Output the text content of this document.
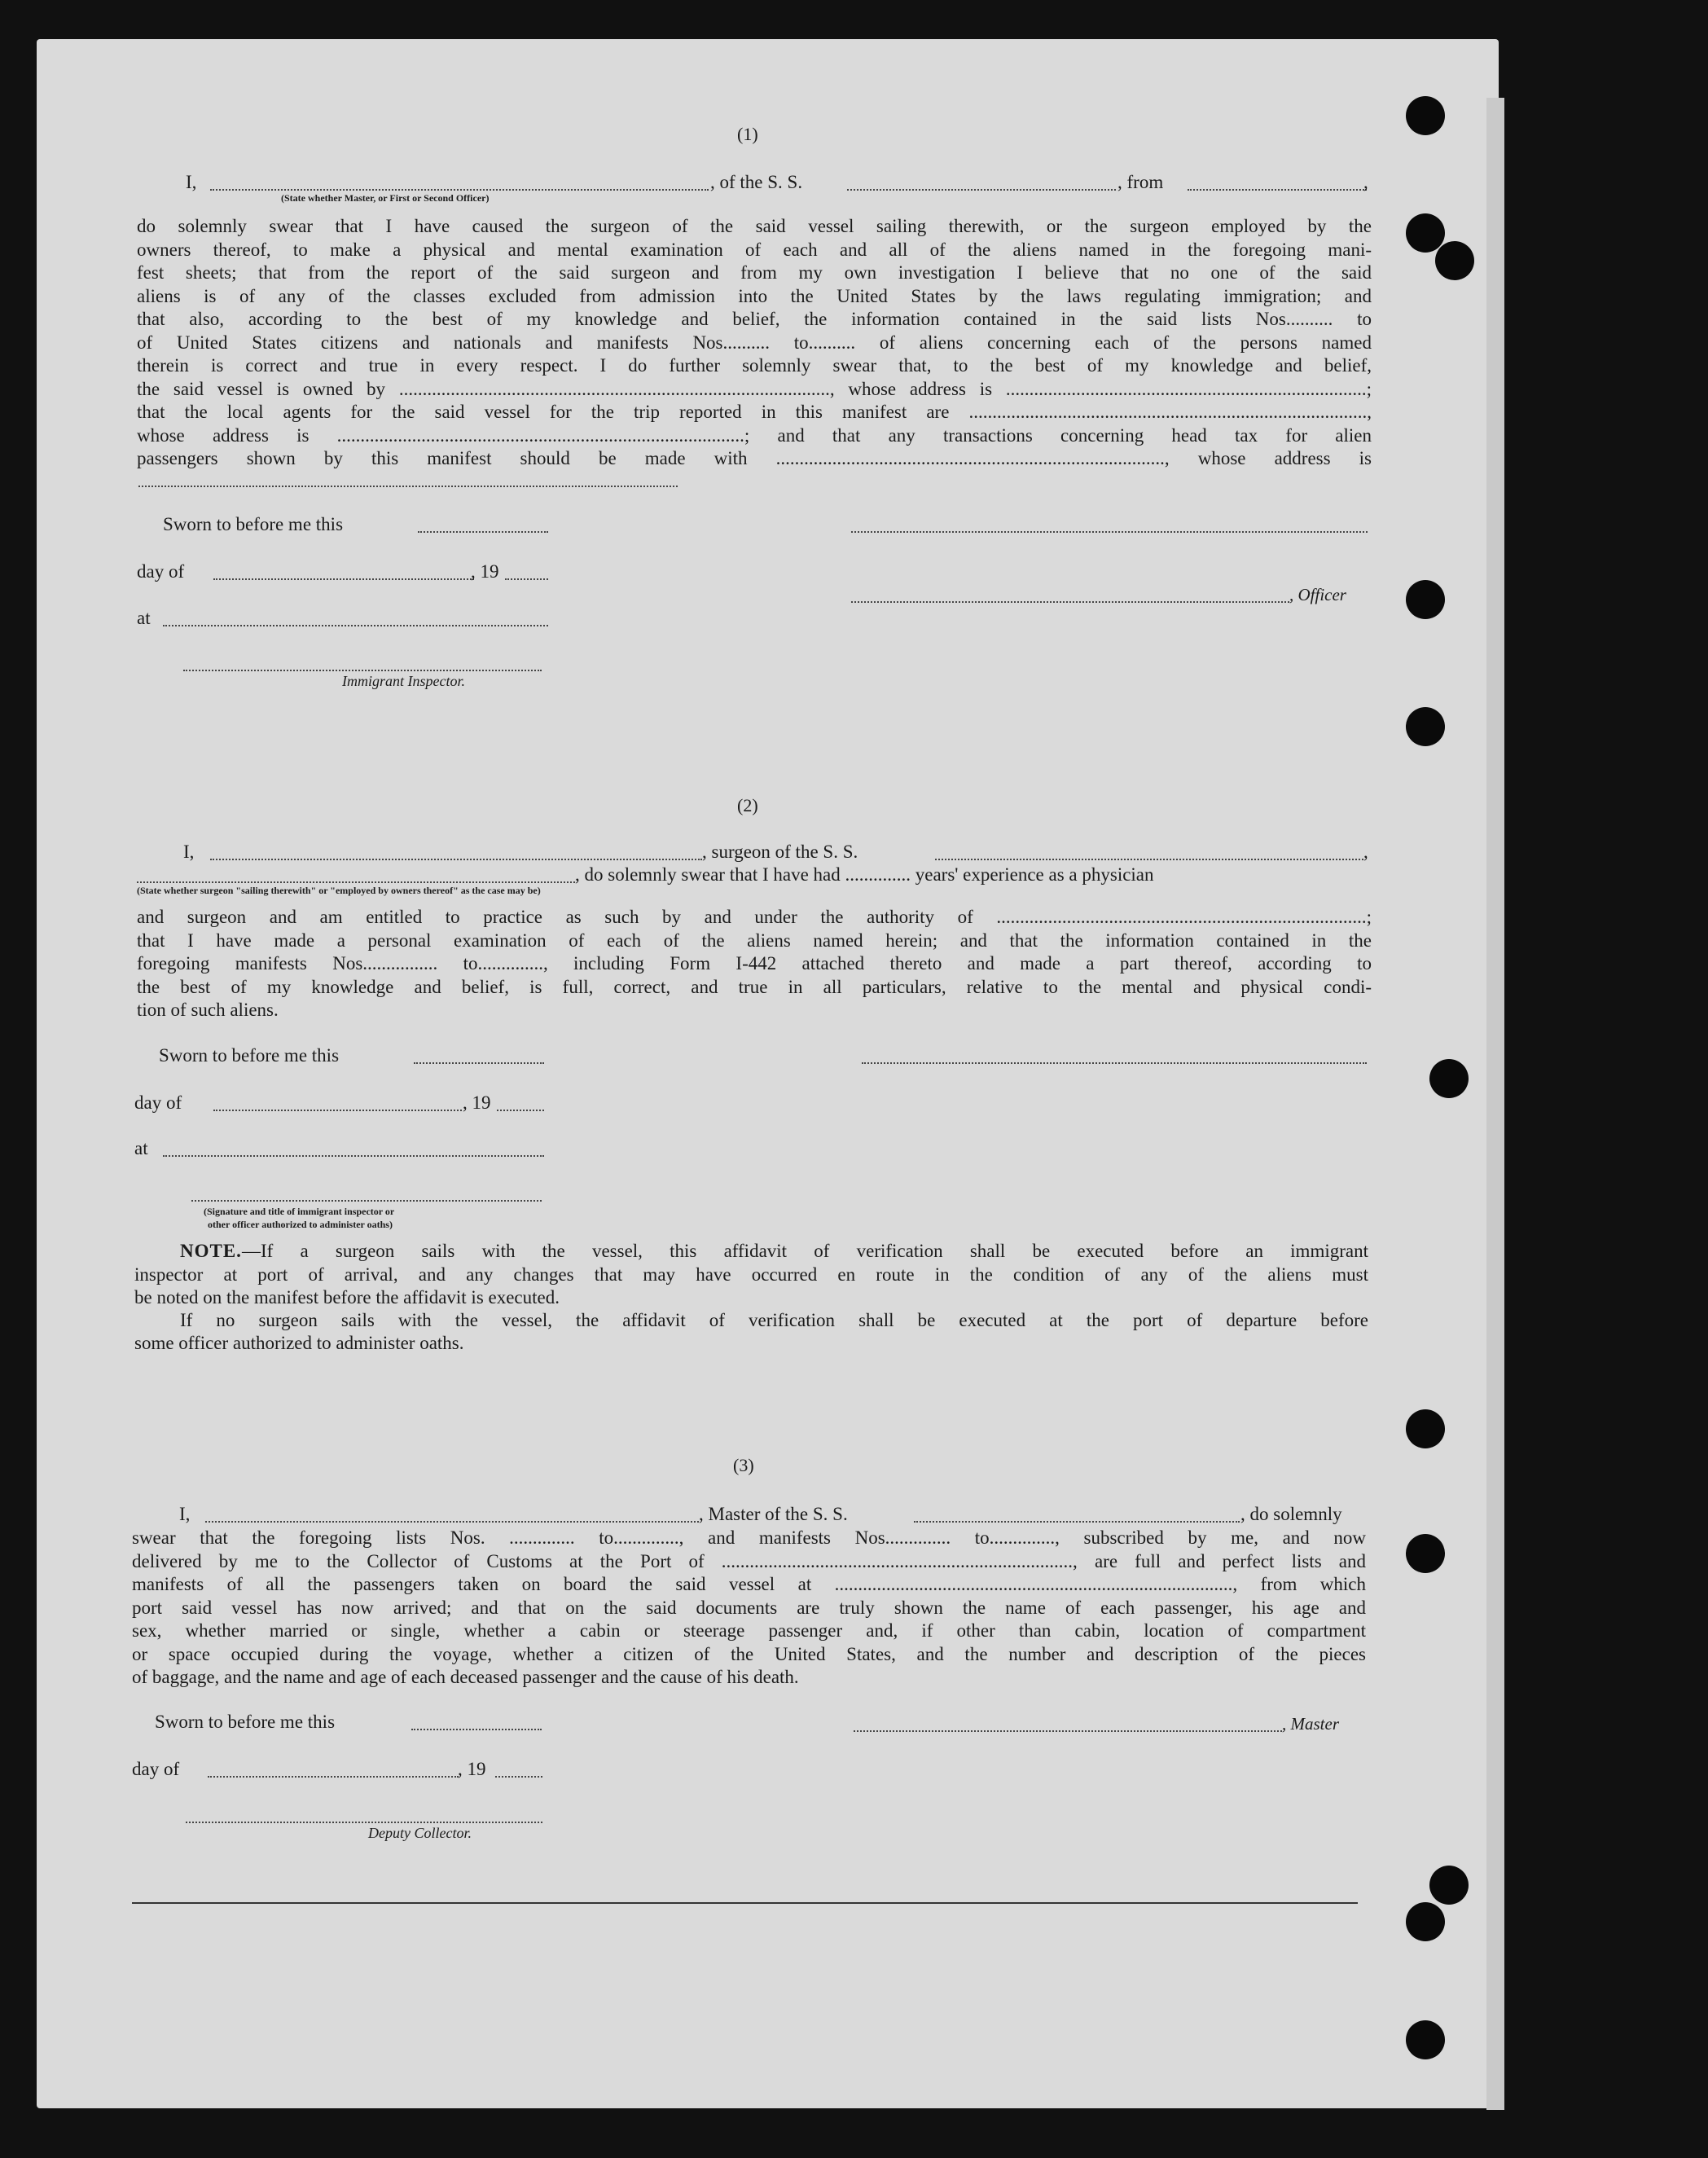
(1)
I,	, of the S. S.	, from	,
(State whether Master, or First or Second Officer)
do solemnly swear that I have caused the surgeon of the said vessel sailing therewith, or the surgeon employed by the
owners thereof, to make a physical and mental examination of each and all of the aliens named in the foregoing mani-
fest sheets; that from the report of the said surgeon and from my own investigation I believe that no one of the said
aliens is of any of the classes excluded from admission into the United States by the laws regulating immigration; and
that also, according to the best of my knowledge and belief, the information contained in the said lists Nos.......... to
of United States citizens and nationals and manifests Nos.......... to.......... of aliens concerning each of the persons named
therein is correct and true in every respect. I do further solemnly swear that, to the best of my knowledge and belief,
the said vessel is owned by ............................................................................................, whose address is .............................................................................;
that the local agents for the said vessel for the trip reported in this manifest are .....................................................................................,
whose address is .......................................................................................; and that any transactions concerning head tax for alien
passengers shown by this manifest should be made with ..................................................................................., whose address is
Sworn to before me this
day of	, 19
, Officer
at
Immigrant Inspector.
(2)
I,	, surgeon of the S. S.	,
, do solemnly swear that I have had .............. years' experience as a physician
(State whether surgeon "sailing therewith" or "employed by owners thereof" as the case may be)
and surgeon and am entitled to practice as such by and under the authority of ...............................................................................;
that I have made a personal examination of each of the aliens named herein; and that the information contained in the
foregoing manifests Nos................ to.............., including Form I-442 attached thereto and made a part thereof, according to
the best of my knowledge and belief, is full, correct, and true in all particulars, relative to the mental and physical condi-
tion of such aliens.
Sworn to before me this
day of	, 19
at
(Signature and title of immigrant inspector or
other officer authorized to administer oaths)
NOTE.—If a surgeon sails with the vessel, this affidavit of verification shall be executed before an immigrant
inspector at port of arrival, and any changes that may have occurred en route in the condition of any of the aliens must
be noted on the manifest before the affidavit is executed.
If no surgeon sails with the vessel, the affidavit of verification shall be executed at the port of departure before
some officer authorized to administer oaths.
(3)
I,	, Master of the S. S.	, do solemnly
swear that the foregoing lists Nos. .............. to.............., and manifests Nos.............. to.............., subscribed by me, and now
delivered by me to the Collector of Customs at the Port of ..........................................................................., are full and perfect lists and
manifests of all the passengers taken on board the said vessel at ....................................................................................., from which
port said vessel has now arrived; and that on the said documents are truly shown the name of each passenger, his age and
sex, whether married or single, whether a cabin or steerage passenger and, if other than cabin, location of compartment
or space occupied during the voyage, whether a citizen of the United States, and the number and description of the pieces
of baggage, and the name and age of each deceased passenger and the cause of his death.
Sworn to before me this	, Master
day of	, 19
Deputy Collector.
